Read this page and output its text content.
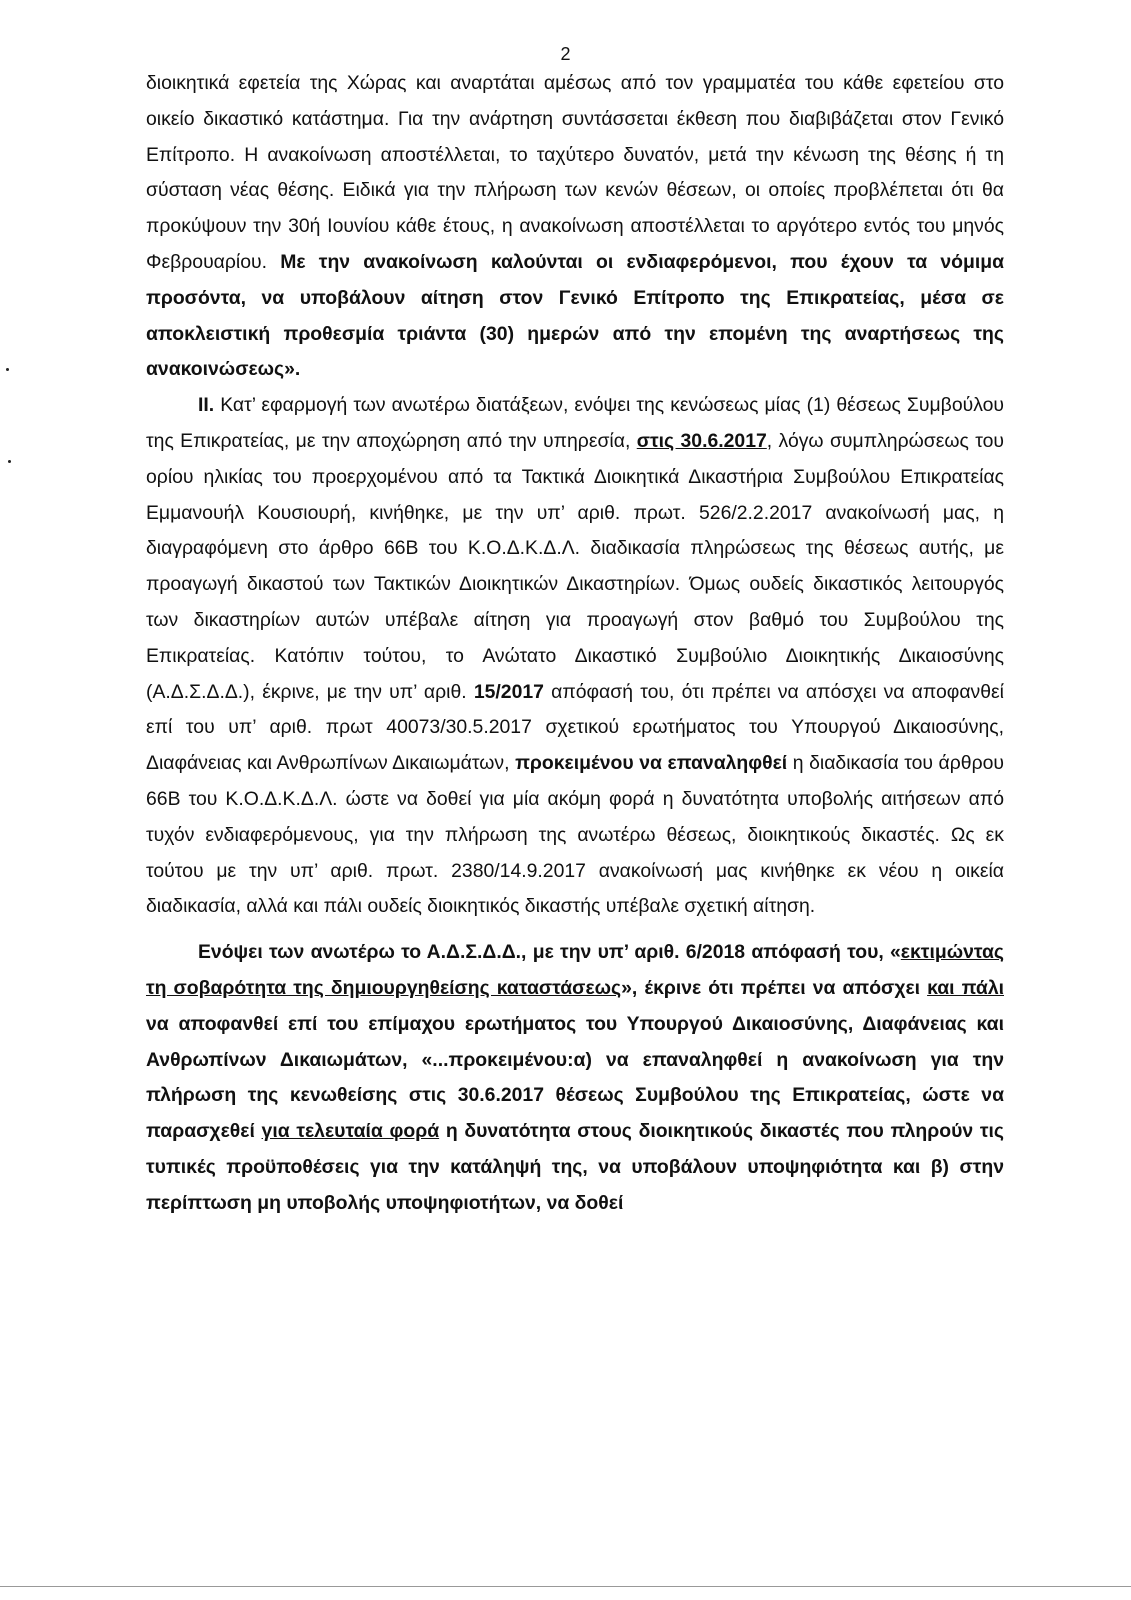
2

διοικητικά εφετεία της Χώρας και αναρτάται αμέσως από τον γραμματέα του κάθε εφετείου στο οικείο δικαστικό κατάστημα. Για την ανάρτηση συντάσσεται έκθεση που διαβιβάζεται στον Γενικό Επίτροπο. Η ανακοίνωση αποστέλλεται, το ταχύτερο δυνατόν, μετά την κένωση της θέσης ή τη σύσταση νέας θέσης. Ειδικά για την πλήρωση των κενών θέσεων, οι οποίες προβλέπεται ότι θα προκύψουν την 30ή Ιουνίου κάθε έτους, η ανακοίνωση αποστέλλεται το αργότερο εντός του μηνός Φεβρουαρίου. Με την ανακοίνωση καλούνται οι ενδιαφερόμενοι, που έχουν τα νόμιμα προσόντα, να υποβάλουν αίτηση στον Γενικό Επίτροπο της Επικρατείας, μέσα σε αποκλειστική προθεσμία τριάντα (30) ημερών από την επομένη της αναρτήσεως της ανακοινώσεως».

II. Κατ’ εφαρμογή των ανωτέρω διατάξεων, ενόψει της κενώσεως μίας (1) θέσεως Συμβούλου της Επικρατείας, με την αποχώρηση από την υπηρεσία, στις 30.6.2017, λόγω συμπληρώσεως του ορίου ηλικίας του προερχομένου από τα Τακτικά Διοικητικά Δικαστήρια Συμβούλου Επικρατείας Εμμανουήλ Κουσιουρή, κινήθηκε, με την υπ’ αριθ. πρωτ. 526/2.2.2017 ανακοίνωσή μας, η διαγραφόμενη στο άρθρο 66Β του Κ.Ο.Δ.Κ.Δ.Λ. διαδικασία πληρώσεως της θέσεως αυτής, με προαγωγή δικαστού των Τακτικών Διοικητικών Δικαστηρίων. Όμως ουδείς δικαστικός λειτουργός των δικαστηρίων αυτών υπέβαλε αίτηση για προαγωγή στον βαθμό του Συμβούλου της Επικρατείας. Κατόπιν τούτου, το Ανώτατο Δικαστικό Συμβούλιο Διοικητικής Δικαιοσύνης (Α.Δ.Σ.Δ.Δ.), έκρινε, με την υπ’ αριθ. 15/2017 απόφασή του, ότι πρέπει να απόσχει να αποφανθεί επί του υπ’ αριθ. πρωτ 40073/30.5.2017 σχετικού ερωτήματος του Υπουργού Δικαιοσύνης, Διαφάνειας και Ανθρωπίνων Δικαιωμάτων, προκειμένου να επαναληφθεί η διαδικασία του άρθρου 66Β του Κ.Ο.Δ.Κ.Δ.Λ. ώστε να δοθεί για μία ακόμη φορά η δυνατότητα υποβολής αιτήσεων από τυχόν ενδιαφερόμενους, για την πλήρωση της ανωτέρω θέσεως, διοικητικούς δικαστές. Ως εκ τούτου με την υπ’ αριθ. πρωτ. 2380/14.9.2017 ανακοίνωσή μας κινήθηκε εκ νέου η οικεία διαδικασία, αλλά και πάλι ουδείς διοικητικός δικαστής υπέβαλε σχετική αίτηση.

Ενόψει των ανωτέρω το Α.Δ.Σ.Δ.Δ., με την υπ’ αριθ. 6/2018 απόφασή του, «εκτιμώντας τη σοβαρότητα της δημιουργηθείσης καταστάσεως», έκρινε ότι πρέπει να απόσχει και πάλι να αποφανθεί επί του επίμαχου ερωτήματος του Υπουργού Δικαιοσύνης, Διαφάνειας και Ανθρωπίνων Δικαιωμάτων, «...προκειμένου:α) να επαναληφθεί η ανακοίνωση για την πλήρωση της κενωθείσης στις 30.6.2017 θέσεως Συμβούλου της Επικρατείας, ώστε να παρασχεθεί για τελευταία φορά η δυνατότητα στους διοικητικούς δικαστές που πληρούν τις τυπικές προϋποθέσεις για την κατάληψή της, να υποβάλουν υποψηφιότητα και β) στην περίπτωση μη υποβολής υποψηφιοτήτων, να δοθεί
